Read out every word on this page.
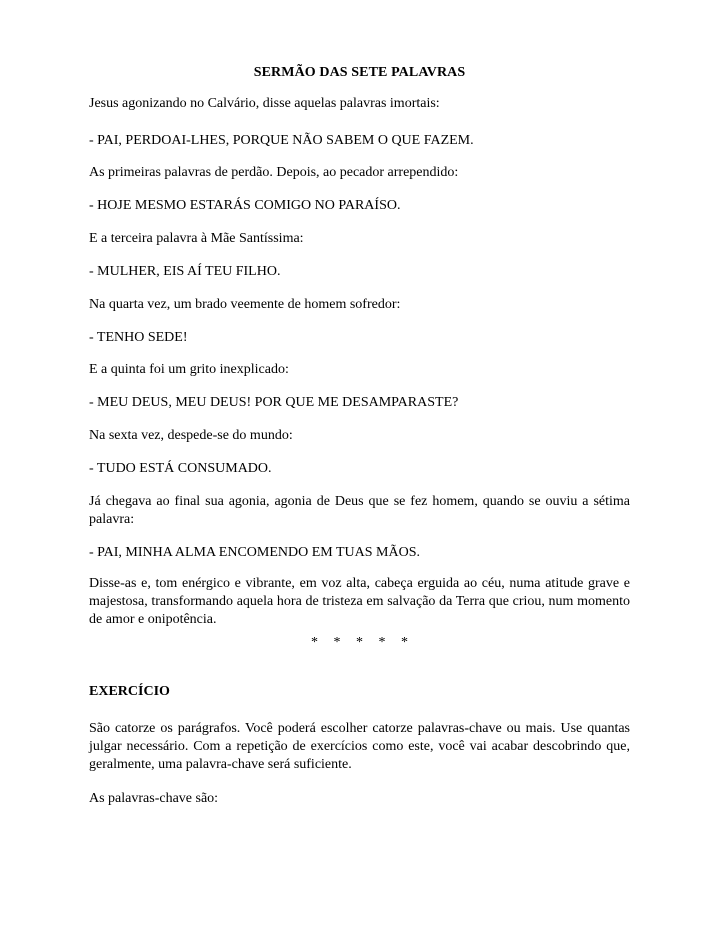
SERMÃO DAS SETE PALAVRAS

Jesus agonizando no Calvário, disse aquelas palavras imortais:

- PAI, PERDOAI-LHES, PORQUE NÃO SABEM O QUE FAZEM.

As primeiras palavras de perdão. Depois, ao pecador arrependido:

- HOJE MESMO ESTARÁS COMIGO NO PARAÍSO.

E a terceira palavra à Mãe Santíssima:

- MULHER, EIS AÍ TEU FILHO.

Na quarta vez, um brado veemente de homem sofredor:

- TENHO SEDE!

E a quinta foi um grito inexplicado:

- MEU DEUS, MEU DEUS! POR QUE ME DESAMPARASTE?

Na sexta vez, despede-se do mundo:

- TUDO ESTÁ CONSUMADO.

Já chegava ao final sua agonia, agonia de Deus que se fez homem, quando se ouviu a sétima palavra:

- PAI, MINHA ALMA ENCOMENDO EM TUAS MÃOS.

Disse-as e, tom enérgico e vibrante, em voz alta, cabeça erguida ao céu, numa atitude grave e majestosa, transformando aquela hora de tristeza em salvação da Terra que criou, num momento de amor e onipotência.

* * * * *
EXERCÍCIO

São catorze os parágrafos. Você poderá escolher catorze palavras-chave ou mais. Use quantas julgar necessário. Com a repetição de exercícios como este, você vai acabar descobrindo que, geralmente, uma palavra-chave será suficiente.

As palavras-chave são:
